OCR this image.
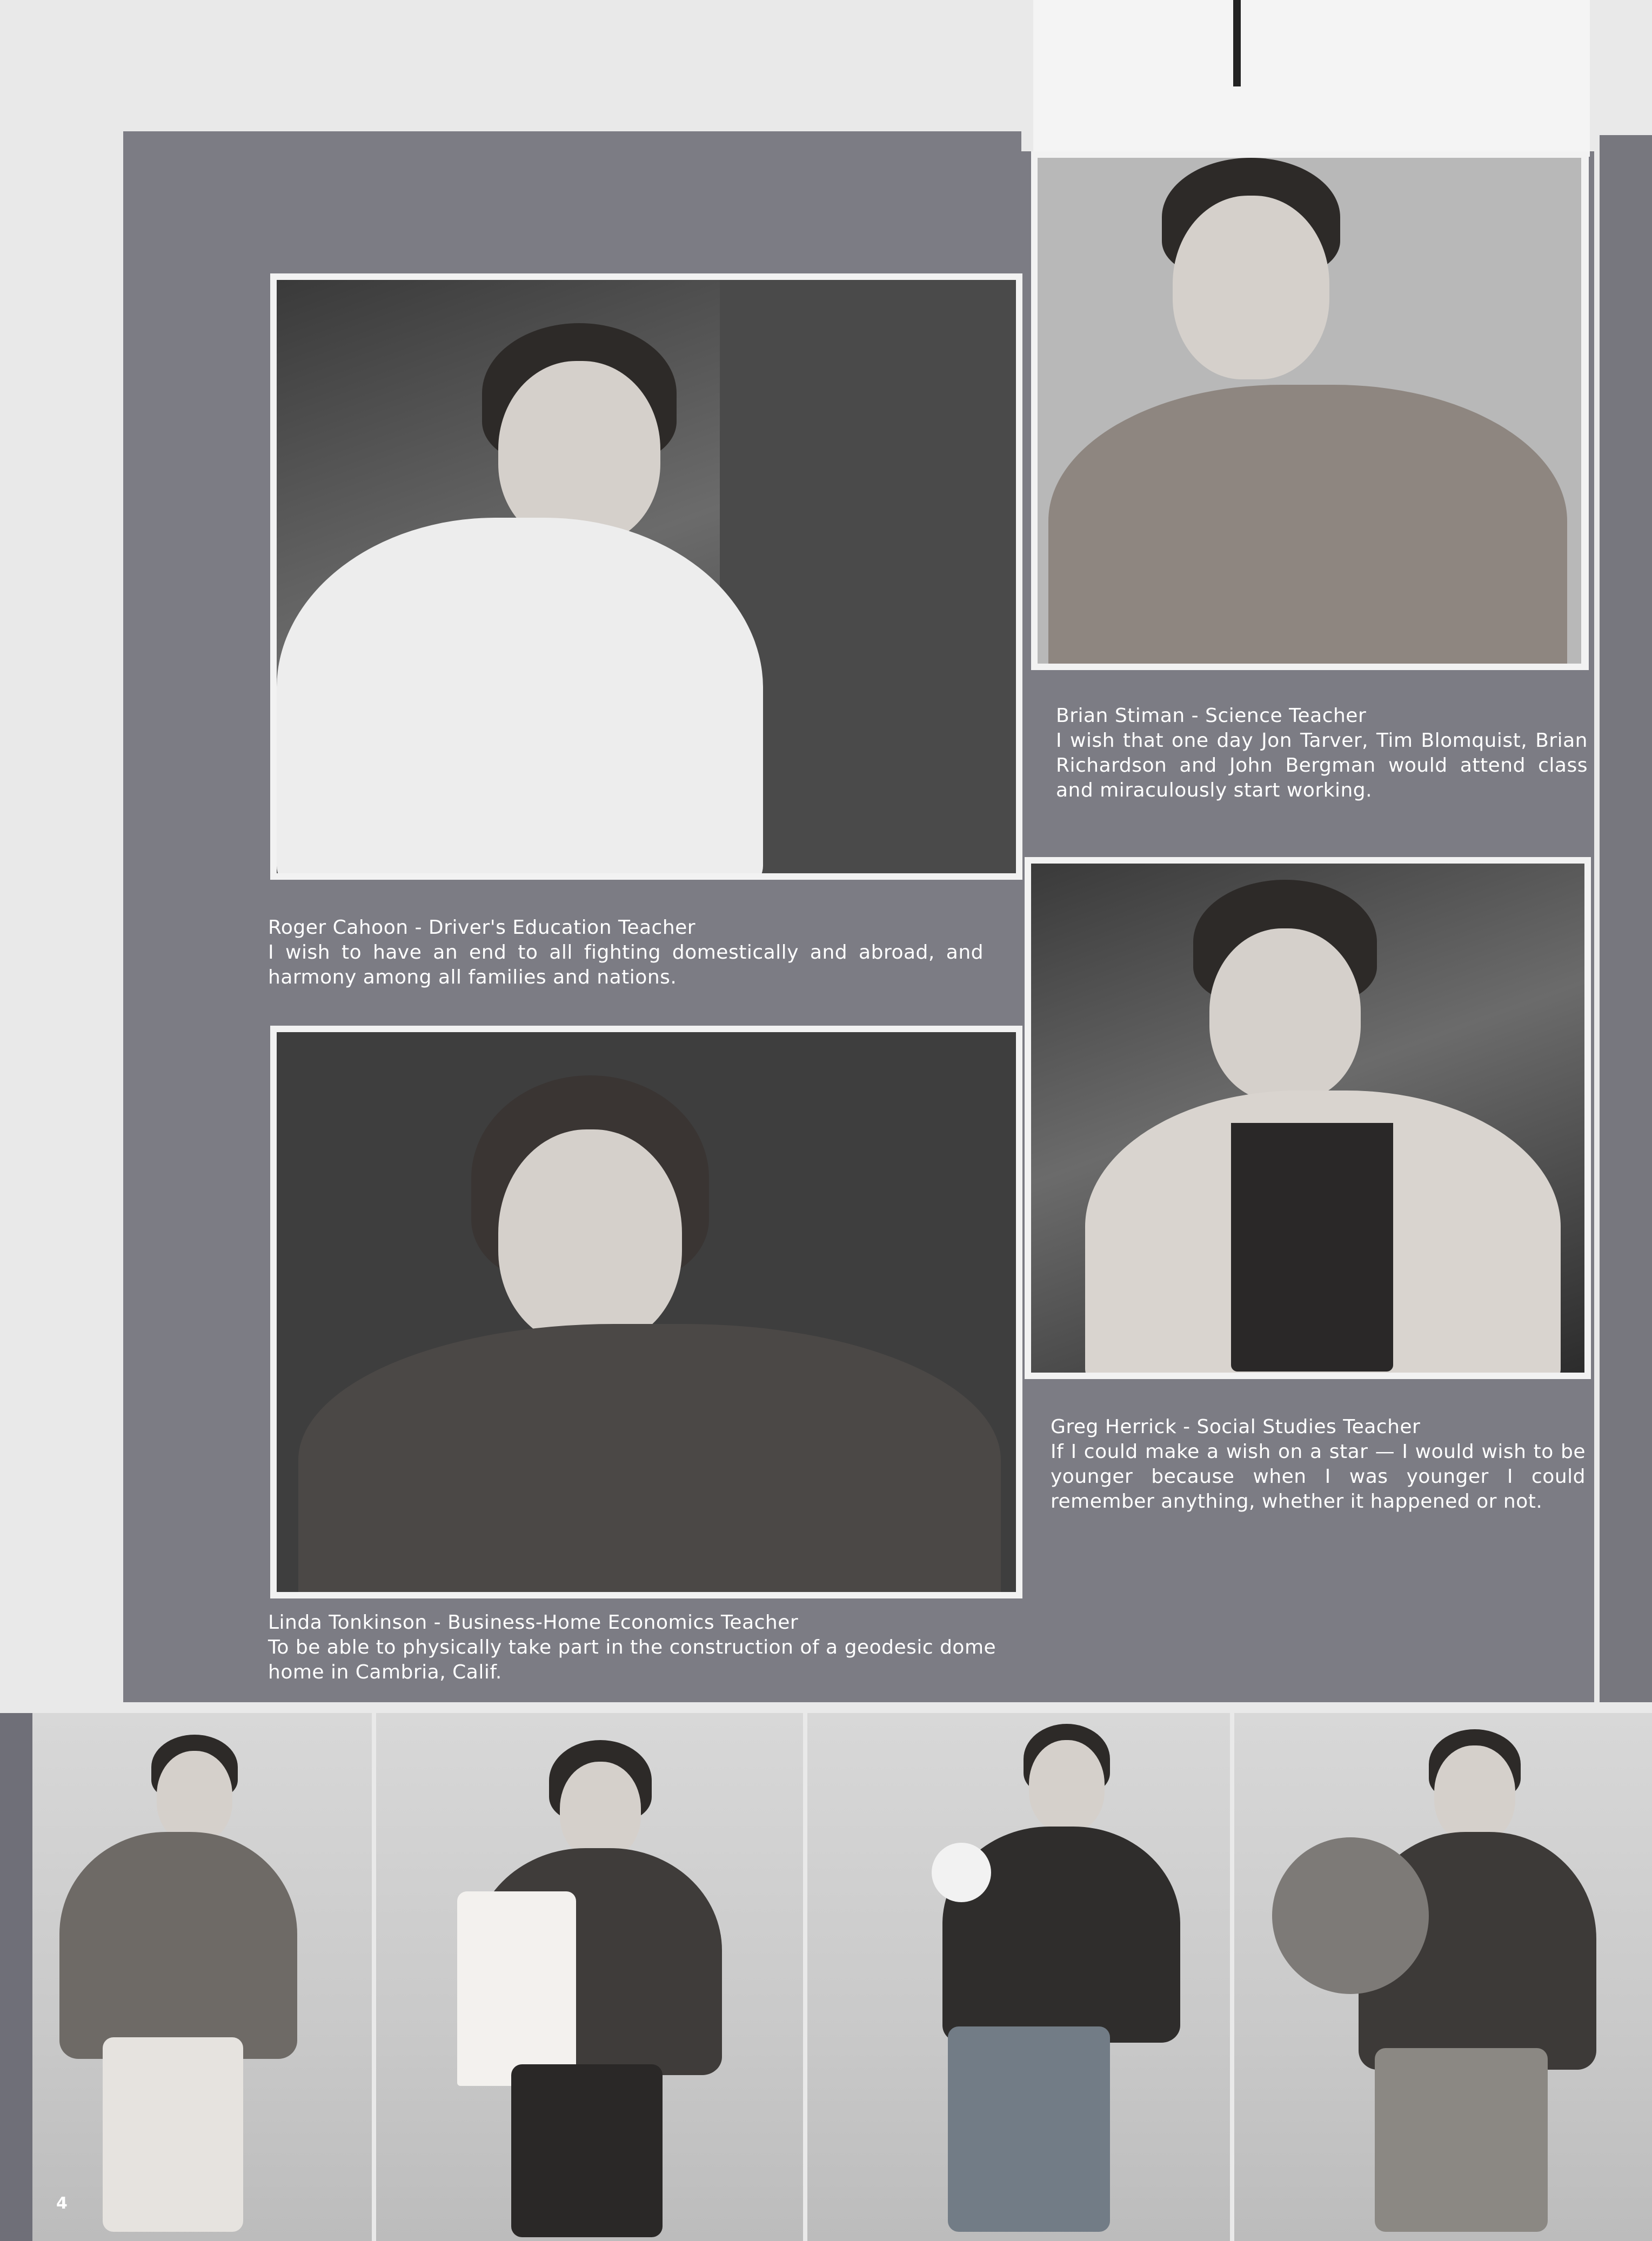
Roger Cahoon - Driver's Education Teacher
I wish to have an end to all fighting domestically and abroad, and harmony among all families and nations.
Brian Stiman - Science Teacher
I wish that one day Jon Tarver, Tim Blomquist, Brian Richardson and John Bergman would attend class and miraculously start working.
Greg Herrick - Social Studies Teacher
If I could make a wish on a star — I would wish to be younger because when I was younger I could remember anything, whether it happened or not.
Linda Tonkinson - Business-Home Economics Teacher
To be able to physically take part in the construction of a geodesic dome home in Cambria, Calif.
4
